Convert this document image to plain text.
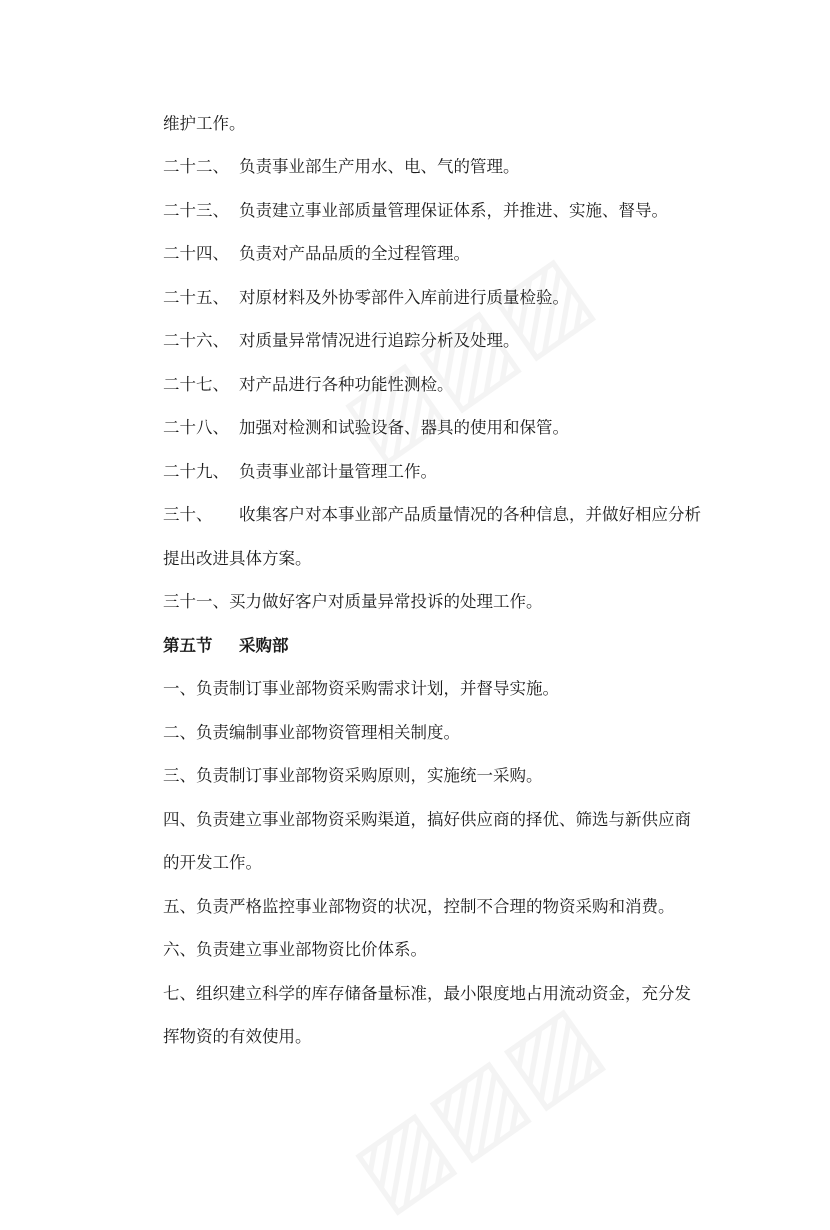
维护工作。
二十二、 负责事业部生产用水、电、气的管理。
二十三、 负责建立事业部质量管理保证体系，并推进、实施、督导。
二十四、 负责对产品品质的全过程管理。
二十五、 对原材料及外协零部件入库前进行质量检验。
二十六、 对质量异常情况进行追踪分析及处理。
二十七、 对产品进行各种功能性测检。
二十八、 加强对检测和试验设备、器具的使用和保管。
二十九、 负责事业部计量管理工作。
三十、 收集客户对本事业部产品质量情况的各种信息，并做好相应分析
提出改进具体方案。
三十一、买力做好客户对质量异常投诉的处理工作。
第五节 采购部
一、负责制订事业部物资采购需求计划，并督导实施。
二、负责编制事业部物资管理相关制度。
三、负责制订事业部物资采购原则，实施统一采购。
四、负责建立事业部物资采购渠道，搞好供应商的择优、筛选与新供应商
的开发工作。
五、负责严格监控事业部物资的状况，控制不合理的物资采购和消费。
六、负责建立事业部物资比价体系。
七、组织建立科学的库存储备量标准，最小限度地占用流动资金，充分发
挥物资的有效使用。
